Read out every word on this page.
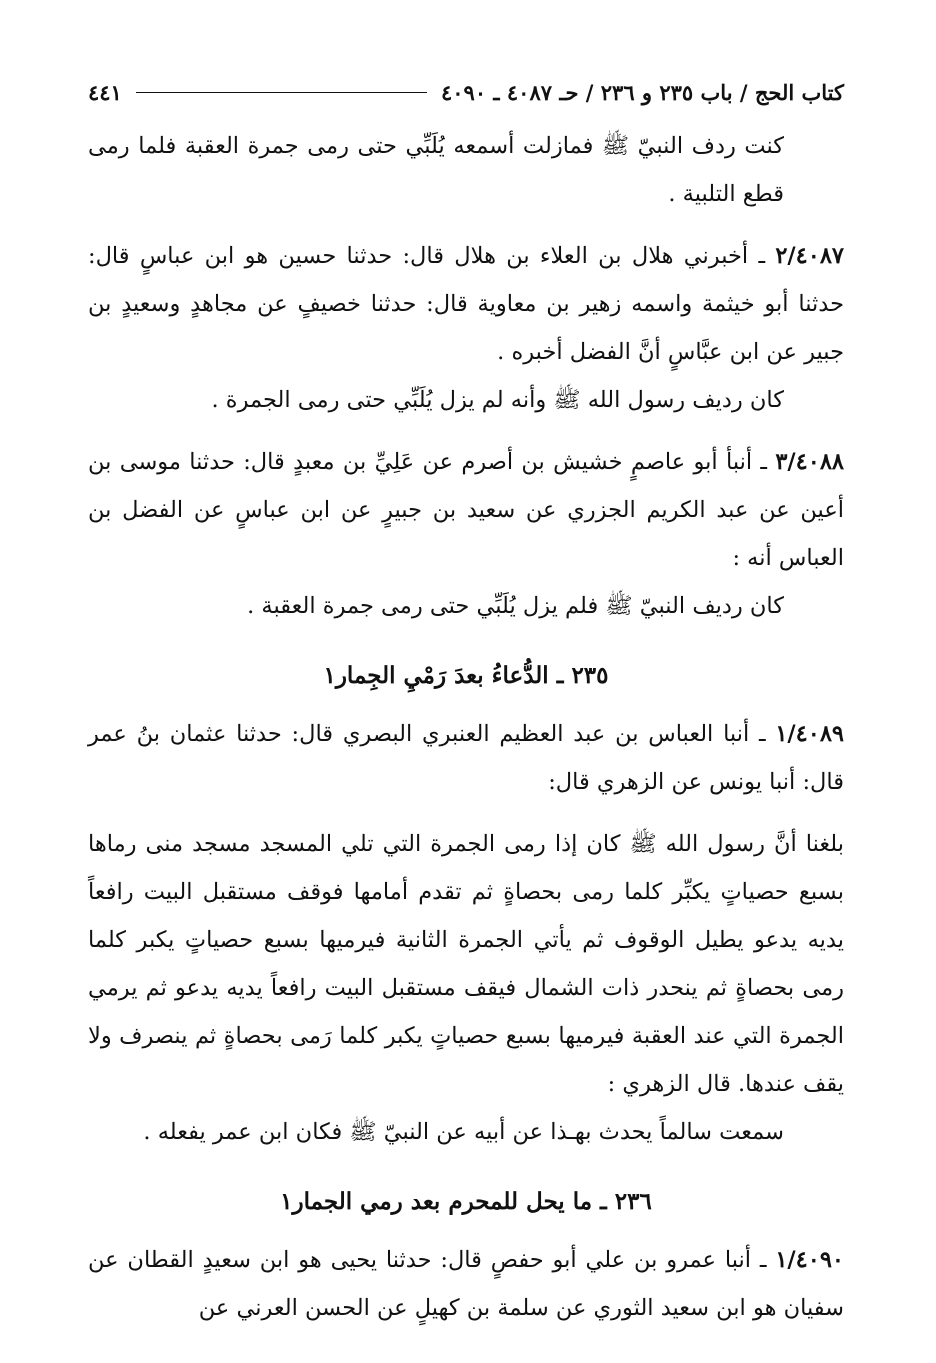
كتاب الحج / باب ٢٣٥ و ٢٣٦ / حـ ٤٠٨٧ ـ ٤٠٩٠
٤٤١

كنت ردف النبيّ ﷺ فمازلت أسمعه يُلَبِّي حتى رمى جمرة العقبة فلما رمى قطع التلبية .

٢/٤٠٨٧ ـ أخبرني هلال بن العلاء بن هلال قال: حدثنا حسين هو ابن عباسٍ قال: حدثنا أبو خيثمة واسمه زهير بن معاوية قال: حدثنا خصيفٍ عن مجاهدٍ وسعيدٍ بن جبير عن ابن عبَّاسٍ أنَّ الفضل أخبره .

كان رديف رسول الله ﷺ وأنه لم يزل يُلَبِّي حتى رمى الجمرة .

٣/٤٠٨٨ ـ أنبأ أبو عاصمٍ خشيش بن أصرم عن عَلِيِّ بن معبدٍ قال: حدثنا موسى بن أعين عن عبد الكريم الجزري عن سعيد بن جبيرٍ عن ابن عباسٍ عن الفضل بن العباس أنه :

كان رديف النبيّ ﷺ فلم يزل يُلَبِّي حتى رمى جمرة العقبة .

٢٣٥ ـ الدُّعاءُ بعدَ رَمْيِ الجِمار١

١/٤٠٨٩ ـ أنبا العباس بن عبد العظيم العنبري البصري قال: حدثنا عثمان بنُ عمر قال: أنبا يونس عن الزهري قال:

بلغنا أنَّ رسول الله ﷺ كان إذا رمى الجمرة التي تلي المسجد مسجد منى رماها بسبع حصياتٍ يكبِّر كلما رمى بحصاةٍ ثم تقدم أمامها فوقف مستقبل البيت رافعاً يديه يدعو يطيل الوقوف ثم يأتي الجمرة الثانية فيرميها بسبع حصياتٍ يكبر كلما رمى بحصاةٍ ثم ينحدر ذات الشمال فيقف مستقبل البيت رافعاً يديه يدعو ثم يرمي الجمرة التي عند العقبة فيرميها بسبع حصياتٍ يكبر كلما رَمى بحصاةٍ ثم ينصرف ولا يقف عندها. قال الزهري :

سمعت سالماً يحدث بهـذا عن أبيه عن النبيّ ﷺ فكان ابن عمر يفعله .

٢٣٦ ـ ما يحل للمحرم بعد رمي الجمار١

١/٤٠٩٠ ـ أنبا عمرو بن علي أبو حفصٍ قال: حدثنا يحيى هو ابن سعيدٍ القطان عن سفيان هو ابن سعيد الثوري عن سلمة بن كهيلٍ عن الحسن العرني عن
